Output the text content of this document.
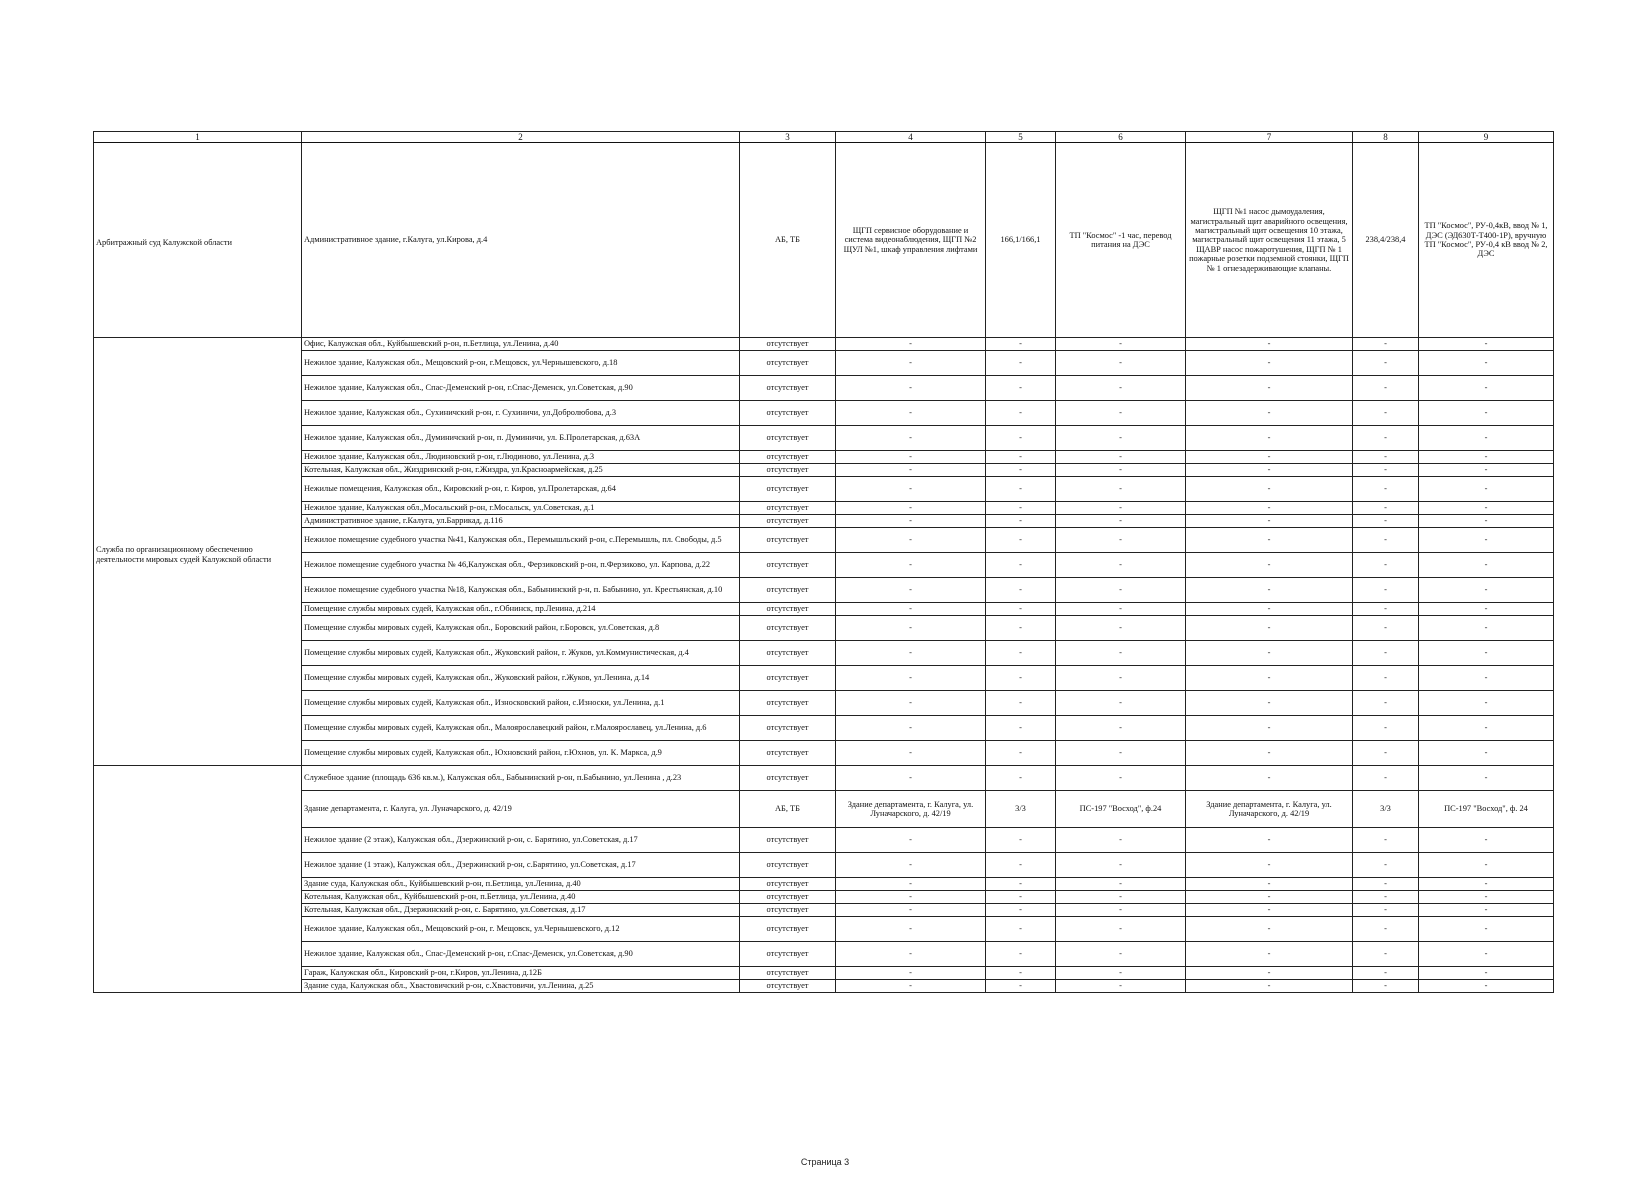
1	2	3	4	5	6	7	8	9
Арбитражный суд Калужской области	Административное здание, г.Калуга, ул.Кирова, д.4	АБ, ТБ	ЩГП сервисное оборудование и система видеонаблюдения, ЩГП №2 ЩУЛ №1, шкаф управления лифтами	166,1/166,1	ТП "Космос" -1 час, перевод питания на ДЭС	ЩГП №1 насос дымоудаления, магистральный щит аварийного освещения, магистральный щит освещения 10 этажа, магистральный щит освещения 11 этажа, 5 ЩАВР насос пожаротушения, ЩГП № 1 пожарные розетки подземной стоянки, ЩГП № 1 огнезадерживающие клапаны.	238,4/238,4	ТП "Космос", РУ-0,4кВ, ввод № 1, ДЭС (ЭД630Т-Т400-1Р), вручную ТП "Космос", РУ-0,4 кВ ввод № 2, ДЭС
Служба по организационному обеспечению деятельности мировых судей Калужской области	Офис, Калужская обл., Куйбышевский р-он, п.Бетлица, ул.Ленина, д.40	отсутствует	-	-	-	-	-	-
	Нежилое здание, Калужская обл., Мещовский р-он, г.Мещовск, ул.Чернышевского, д.18	отсутствует	-	-	-	-	-	-
	Нежилое здание, Калужская обл., Спас-Деменский р-он, г.Спас-Деменск, ул.Советская, д.90	отсутствует	-	-	-	-	-	-
	Нежилое здание, Калужская обл., Сухиничский р-он, г. Сухиничи, ул.Добролюбова, д.3	отсутствует	-	-	-	-	-	-
	Нежилое здание, Калужская обл., Думиничский р-он, п. Думиничи, ул. Б.Пролетарская, д.63А	отсутствует	-	-	-	-	-	-
	Нежилое здание, Калужская обл., Людиновский р-он, г.Людиново, ул.Ленина, д.3	отсутствует	-	-	-	-	-	-
	Котельная, Калужская обл., Жиздринский р-он, г.Жиздра, ул.Красноармейская, д.25	отсутствует	-	-	-	-	-	-
	Нежилые помещения, Калужская обл., Кировский р-он, г. Киров, ул.Пролетарская, д.64	отсутствует	-	-	-	-	-	-
	Нежилое здание, Калужская обл.,Мосальский р-он, г.Мосальск, ул.Советская, д.1	отсутствует	-	-	-	-	-	-
	Административное здание, г.Калуга, ул.Баррикад, д.116	отсутствует	-	-	-	-	-	-
	Нежилое помещение судебного участка №41, Калужская обл., Перемышльский р-он, с.Перемышль, пл. Свободы, д.5	отсутствует	-	-	-	-	-	-
	Нежилое помещение судебного участка № 46,Калужская обл., Ферзиковский р-он, п.Ферзиково, ул. Карпова, д.22	отсутствует	-	-	-	-	-	-
	Нежилое помещение судебного участка №18, Калужская обл., Бабынинский р-н, п. Бабынино, ул. Крестьянская, д.10	отсутствует	-	-	-	-	-	-
	Помещение службы мировых судей, Калужская обл., г.Обнинск, пр.Ленина, д.214	отсутствует	-	-	-	-	-	-
	Помещение службы мировых судей, Калужская обл., Боровский район, г.Боровск, ул.Советская, д.8	отсутствует	-	-	-	-	-	-
	Помещение службы мировых судей, Калужская обл., Жуковский район, г. Жуков, ул.Коммунистическая, д.4	отсутствует	-	-	-	-	-	-
	Помещение службы мировых судей, Калужская обл., Жуковский район, г.Жуков, ул.Ленина, д.14	отсутствует	-	-	-	-	-	-
	Помещение службы мировых судей, Калужская обл., Износковский район, с.Износки, ул.Ленина, д.1	отсутствует	-	-	-	-	-	-
	Помещение службы мировых судей, Калужская обл., Малоярославецкий район, г.Малоярославец, ул.Ленина, д.6	отсутствует	-	-	-	-	-	-
	Помещение службы мировых судей, Калужская обл., Юхновский район, г.Юхнов, ул. К. Маркса, д.9	отсутствует	-	-	-	-	-	-
	Служебное здание (площадь 636 кв.м.), Калужская обл., Бабынинский р-он, п.Бабынино, ул.Ленина , д.23	отсутствует	-	-	-	-	-	-
	Здание департамента, г. Калуга, ул. Луначарского, д. 42/19	АБ, ТБ	Здание департамента, г. Калуга, ул. Луначарского, д. 42/19	3/3	ПС-197 "Восход", ф.24	Здание департамента, г. Калуга, ул. Луначарского, д. 42/19	3/3	ПС-197 "Восход", ф. 24
	Нежилое здание (2 этаж), Калужская обл., Дзержинский р-он, с. Барятино, ул.Советская, д.17	отсутствует	-	-	-	-	-	-
	Нежилое здание (1 этаж), Калужская обл., Дзержинский р-он, с.Барятино, ул.Советская, д.17	отсутствует	-	-	-	-	-	-
	Здание суда, Калужская обл., Куйбышевский р-он, п.Бетлица, ул.Ленина, д.40	отсутствует	-	-	-	-	-	-
	Котельная, Калужская обл., Куйбышевский р-он, п.Бетлица, ул.Ленина, д.40	отсутствует	-	-	-	-	-	-
	Котельная, Калужская обл., Дзержинский р-он, с. Барятино, ул.Советская, д.17	отсутствует	-	-	-	-	-	-
	Нежилое здание, Калужская обл., Мещовский р-он, г. Мещовск, ул.Чернышевского, д.12	отсутствует	-	-	-	-	-	-
	Нежилое здание, Калужская обл., Спас-Деменский р-он, г.Спас-Деменск, ул.Советская, д.90	отсутствует	-	-	-	-	-	-
	Гараж, Калужская обл., Кировский р-он, г.Киров, ул.Ленина, д.12Б	отсутствует	-	-	-	-	-	-
	Здание суда, Калужская обл., Хвастовичский р-он, с.Хвастовичи, ул.Ленина, д.25	отсутствует	-	-	-	-	-	-
Страница 3
